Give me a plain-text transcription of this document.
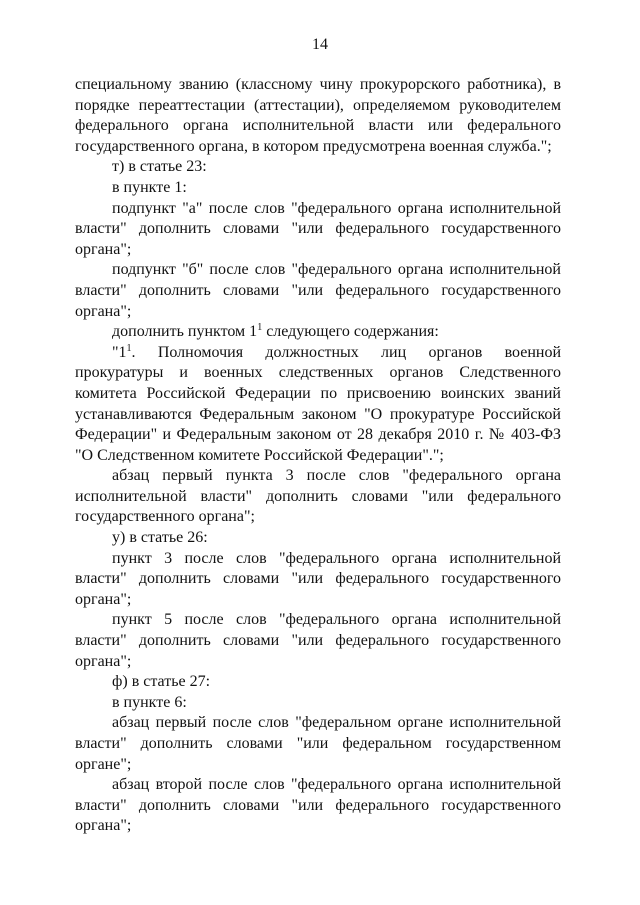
14

специальному званию (классному чину прокурорского работника), в порядке переаттестации (аттестации), определяемом руководителем федерального органа исполнительной власти или федерального государственного органа, в котором предусмотрена военная служба.";

т) в статье 23:

в пункте 1:

подпункт "а" после слов "федерального органа исполнительной власти" дополнить словами "или федерального государственного органа";

подпункт "б" после слов "федерального органа исполнительной власти" дополнить словами "или федерального государственного органа";

дополнить пунктом $1^1$ следующего содержания:

"$1^1$. Полномочия должностных лиц органов военной прокуратуры и военных следственных органов Следственного комитета Российской Федерации по присвоению воинских званий устанавливаются Федеральным законом "О прокуратуре Российской Федерации" и Федеральным законом от 28 декабря 2010 г. № 403-ФЗ "О Следственном комитете Российской Федерации".";

абзац первый пункта 3 после слов "федерального органа исполнительной власти" дополнить словами "или федерального государственного органа";

у) в статье 26:

пункт 3 после слов "федерального органа исполнительной власти" дополнить словами "или федерального государственного органа";

пункт 5 после слов "федерального органа исполнительной власти" дополнить словами "или федерального государственного органа";

ф) в статье 27:

в пункте 6:

абзац первый после слов "федеральном органе исполнительной власти" дополнить словами "или федеральном государственном органе";

абзац второй после слов "федерального органа исполнительной власти" дополнить словами "или федерального государственного органа";
